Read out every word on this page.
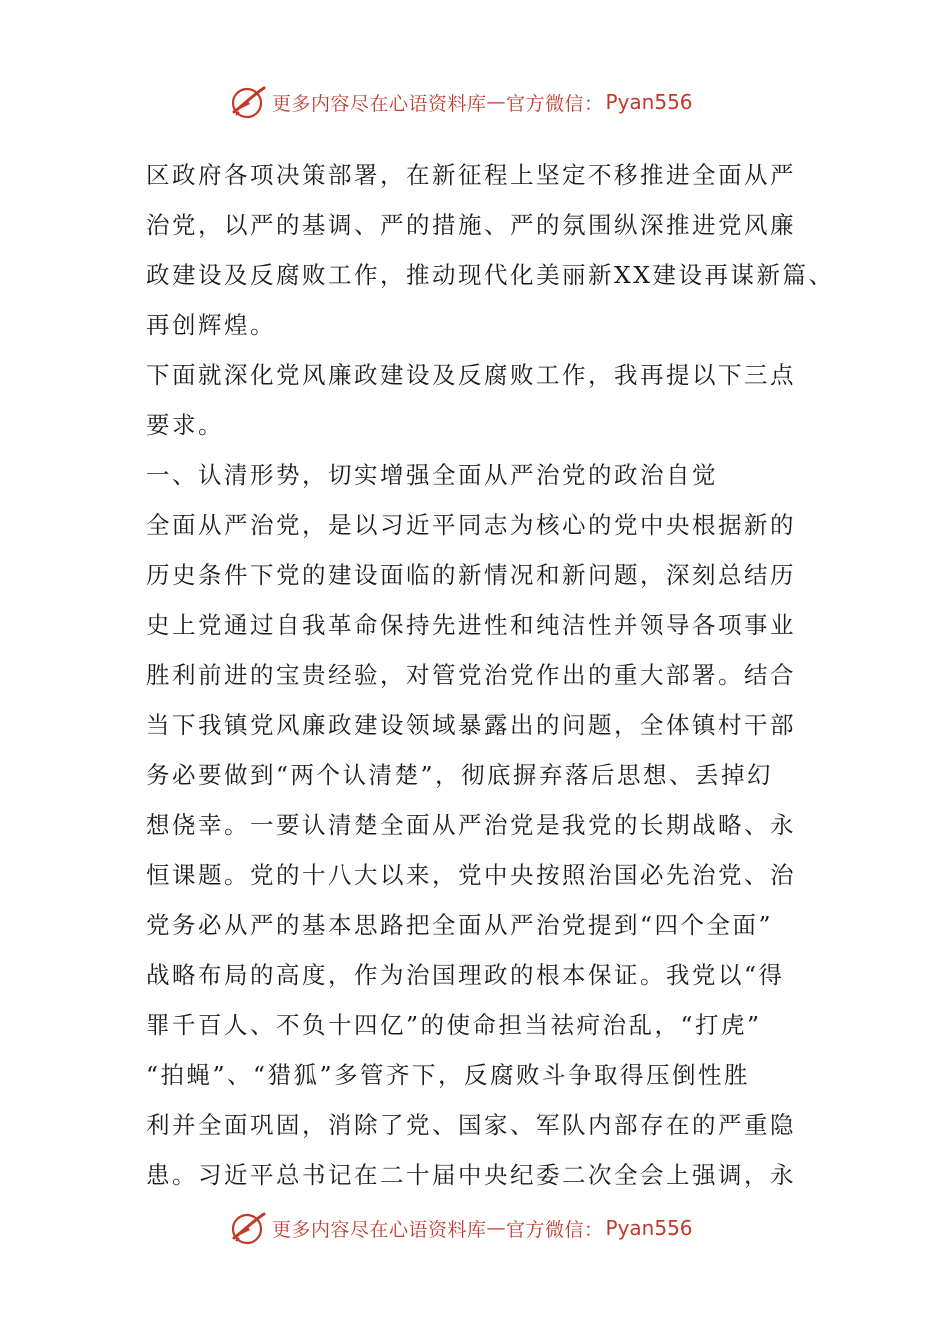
更多内容尽在心语资料库 — 官方微信： Pyan556
区政府各项决策部署，在新征程上坚定不移推进全面从严
治党，以严的基调、严的措施、严的氛围纵深推进党风廉
政建设及反腐败工作，推动现代化美丽新XX建设再谋新篇、
再创辉煌。
下面就深化党风廉政建设及反腐败工作，我再提以下三点
要求。
一、认清形势，切实增强全面从严治党的政治自觉
全面从严治党，是以习近平同志为核心的党中央根据新的
历史条件下党的建设面临的新情况和新问题，深刻总结历
史上党通过自我革命保持先进性和纯洁性并领导各项事业
胜利前进的宝贵经验，对管党治党作出的重大部署。结合
当下我镇党风廉政建设领域暴露出的问题，全体镇村干部
务必要做到“两个认清楚”，彻底摒弃落后思想、丢掉幻
想侥幸。一要认清楚全面从严治党是我党的长期战略、永
恒课题。党的十八大以来，党中央按照治国必先治党、治
党务必从严的基本思路把全面从严治党提到“四个全面”
战略布局的高度，作为治国理政的根本保证。我党以“得
罪千百人、不负十四亿”的使命担当祛疴治乱，“打虎”
“拍蝇”、“猎狐”多管齐下，反腐败斗争取得压倒性胜
利并全面巩固，消除了党、国家、军队内部存在的严重隐
患。习近平总书记在二十届中央纪委二次全会上强调，永
更多内容尽在心语资料库 — 官方微信： Pyan556
